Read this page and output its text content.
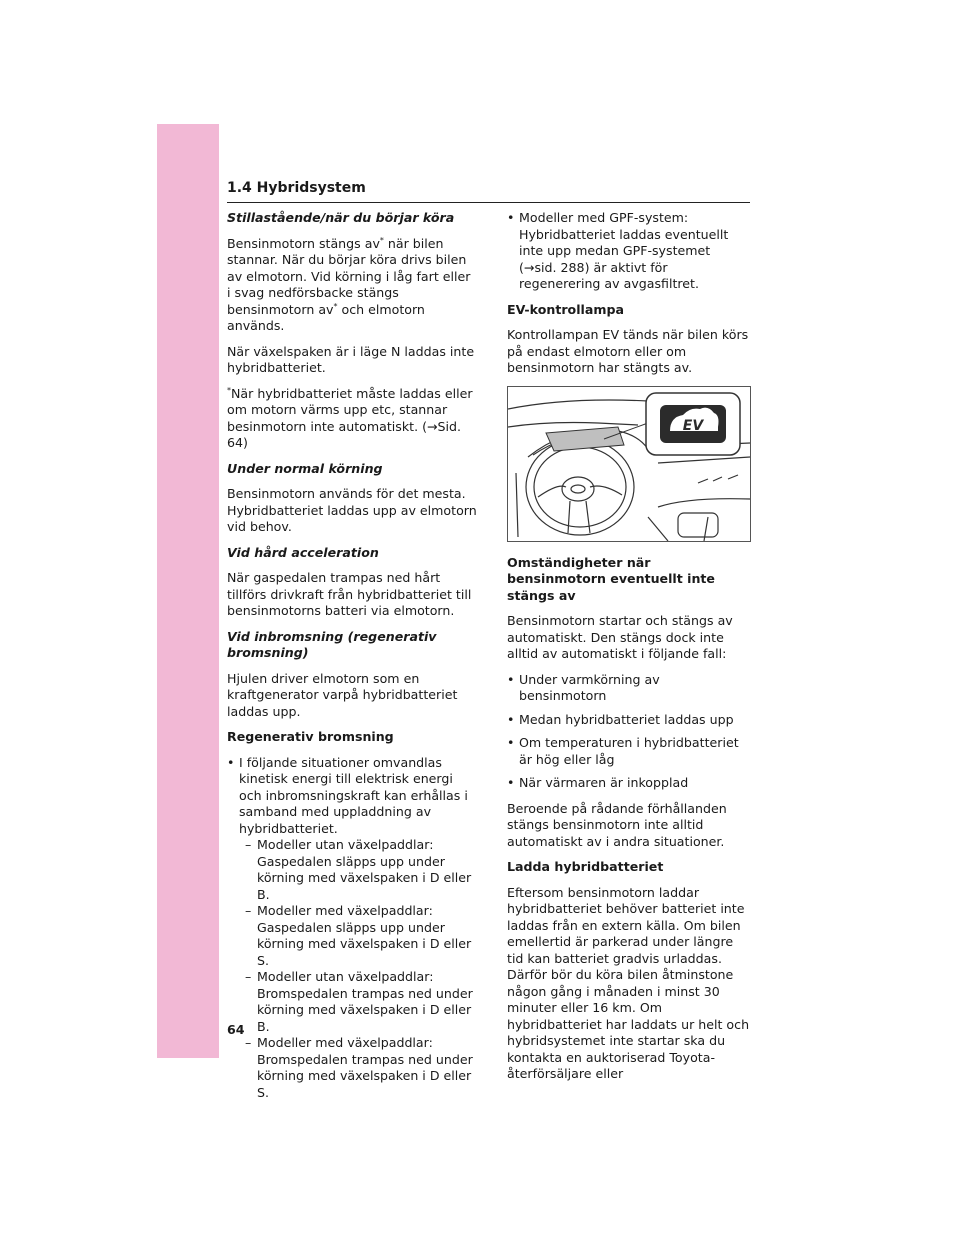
1.4 Hybridsystem
Stillastående/när du börjar köra

Bensinmotorn stängs av* när bilen stannar. När du börjar köra drivs bilen av elmotorn. Vid körning i låg fart eller i svag nedförsbacke stängs bensinmotorn av* och elmotorn används.

När växelspaken är i läge N laddas inte hybridbatteriet.

*När hybridbatteriet måste laddas eller om motorn värms upp etc, stannar besinmotorn inte automatiskt. (→Sid. 64)

Under normal körning

Bensinmotorn används för det mesta. Hybridbatteriet laddas upp av elmotorn vid behov.

Vid hård acceleration

När gaspedalen trampas ned hårt tillförs drivkraft från hybridbatteriet till bensinmotorns batteri via elmotorn.

Vid inbromsning (regenerativ bromsning)

Hjulen driver elmotorn som en kraftgenerator varpå hybridbatteriet laddas upp.

Regenerativ bromsning
• I följande situationer omvandlas kinetisk energi till elektrisk energi och inbromsningskraft kan erhållas i samband med uppladdning av hybridbatteriet.
– Modeller utan växelpaddlar: Gaspedalen släpps upp under körning med växelspaken i D eller B.
– Modeller med växelpaddlar: Gaspedalen släpps upp under körning med växelspaken i D eller S.
– Modeller utan växelpaddlar: Bromspedalen trampas ned under körning med växelspaken i D eller B.
– Modeller med växelpaddlar: Bromspedalen trampas ned under körning med växelspaken i D eller S.
• Modeller med GPF-system: Hybridbatteriet laddas eventuellt inte upp medan GPF-systemet (→sid. 288) är aktivt för regenerering av avgasfiltret.
EV-kontrollampa

Kontrollampan EV tänds när bilen körs på endast elmotorn eller om bensinmotorn har stängts av.

EV
Omständigheter när bensinmotorn eventuellt inte stängs av

Bensinmotorn startar och stängs av automatiskt. Den stängs dock inte alltid av automatiskt i följande fall:

• Under varmkörning av bensinmotorn
• Medan hybridbatteriet laddas upp
• Om temperaturen i hybridbatteriet är hög eller låg
• När värmaren är inkopplad

Beroende på rådande förhållanden stängs bensinmotorn inte alltid automatiskt av i andra situationer.

Ladda hybridbatteriet

Eftersom bensinmotorn laddar hybridbatteriet behöver batteriet inte laddas från en extern källa. Om bilen emellertid är parkerad under längre tid kan batteriet gradvis urladdas. Därför bör du köra bilen åtminstone någon gång i månaden i minst 30 minuter eller 16 km. Om hybridbatteriet har laddats ur helt och hybridsystemet inte startar ska du kontakta en auktoriserad Toyota-återförsäljare eller

64
